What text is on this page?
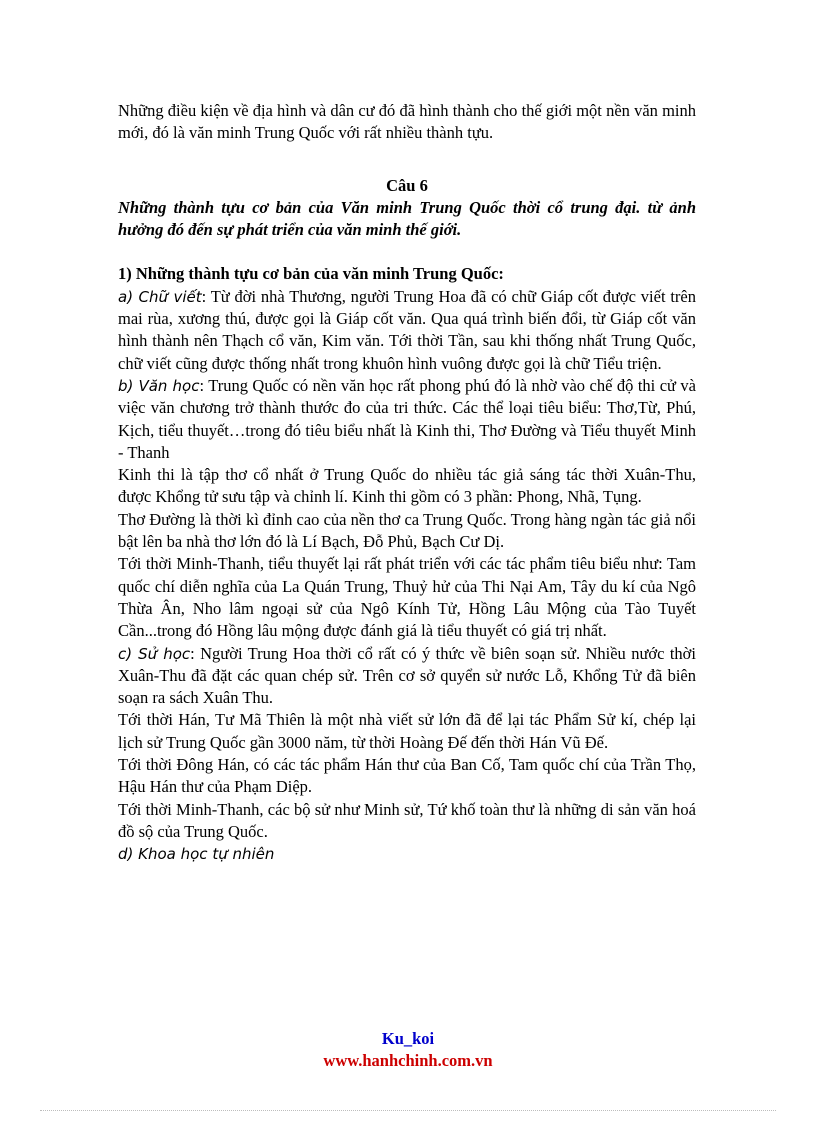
Những điều kiện về địa hình và dân cư đó đã hình thành cho thế giới một nền văn minh mới, đó là văn minh Trung Quốc với rất nhiều thành tựu.

Câu 6

Những thành tựu cơ bản của Văn minh Trung Quốc thời cổ trung đại. từ ảnh hưởng đó đến sự phát triển của văn minh thế giới.

1) Những thành tựu cơ bản của văn minh Trung Quốc:

a) Chữ viết: Từ đời nhà Thương, người Trung Hoa đã có chữ Giáp cốt được viết trên mai rùa, xương thú, được gọi là Giáp cốt văn. Qua quá trình biến đổi, từ Giáp cốt văn hình thành nên Thạch cổ văn, Kim văn. Tới thời Tần, sau khi thống nhất Trung Quốc, chữ viết cũng được thống nhất trong khuôn hình vuông được gọi là chữ Tiểu triện.

b) Văn học: Trung Quốc có nền văn học rất phong phú đó là nhờ vào chế độ thi cử và việc văn chương trở thành thước đo của tri thức. Các thể loại tiêu biểu: Thơ,Từ, Phú, Kịch, tiểu thuyết…trong đó tiêu biểu nhất là Kinh thi, Thơ Đường và Tiểu thuyết Minh - Thanh

Kinh thi là tập thơ cổ nhất ở Trung Quốc do nhiều tác giả sáng tác thời Xuân-Thu, được Khổng tử sưu tập và chỉnh lí. Kinh thi gồm có 3 phần: Phong, Nhã, Tụng.

Thơ Đường là thời kì đỉnh cao của nền thơ ca Trung Quốc. Trong hàng ngàn tác giả nổi bật lên ba nhà thơ lớn đó là Lí Bạch, Đỗ Phủ, Bạch Cư Dị.

Tới thời Minh-Thanh, tiểu thuyết lại rất phát triển với các tác phẩm tiêu biểu như: Tam quốc chí diễn nghĩa của La Quán Trung, Thuỷ hử của Thi Nại Am, Tây du kí của Ngô Thừa Ân, Nho lâm ngoại sử của Ngô Kính Tử, Hồng Lâu Mộng của Tào Tuyết Cần...trong đó Hồng lâu mộng được đánh giá là tiểu thuyết có giá trị nhất.

c) Sử học: Người Trung Hoa thời cổ rất có ý thức về biên soạn sử. Nhiều nước thời Xuân-Thu đã đặt các quan chép sử. Trên cơ sở quyển sử nước Lỗ, Khổng Tử đã biên soạn ra sách Xuân Thu.

Tới thời Hán, Tư Mã Thiên là một nhà viết sử lớn đã để lại tác Phẩm Sử kí, chép lại lịch sử Trung Quốc gần 3000 năm, từ thời Hoàng Đế đến thời Hán Vũ Đế.

Tới thời Đông Hán, có các tác phẩm Hán thư của Ban Cố, Tam quốc chí của Trần Thọ, Hậu Hán thư của Phạm Diệp.

Tới thời Minh-Thanh, các bộ sử như Minh sử, Tứ khố toàn thư là những di sản văn hoá đồ sộ của Trung Quốc.

d) Khoa học tự nhiên

Ku_koi
www.hanhchinh.com.vn
